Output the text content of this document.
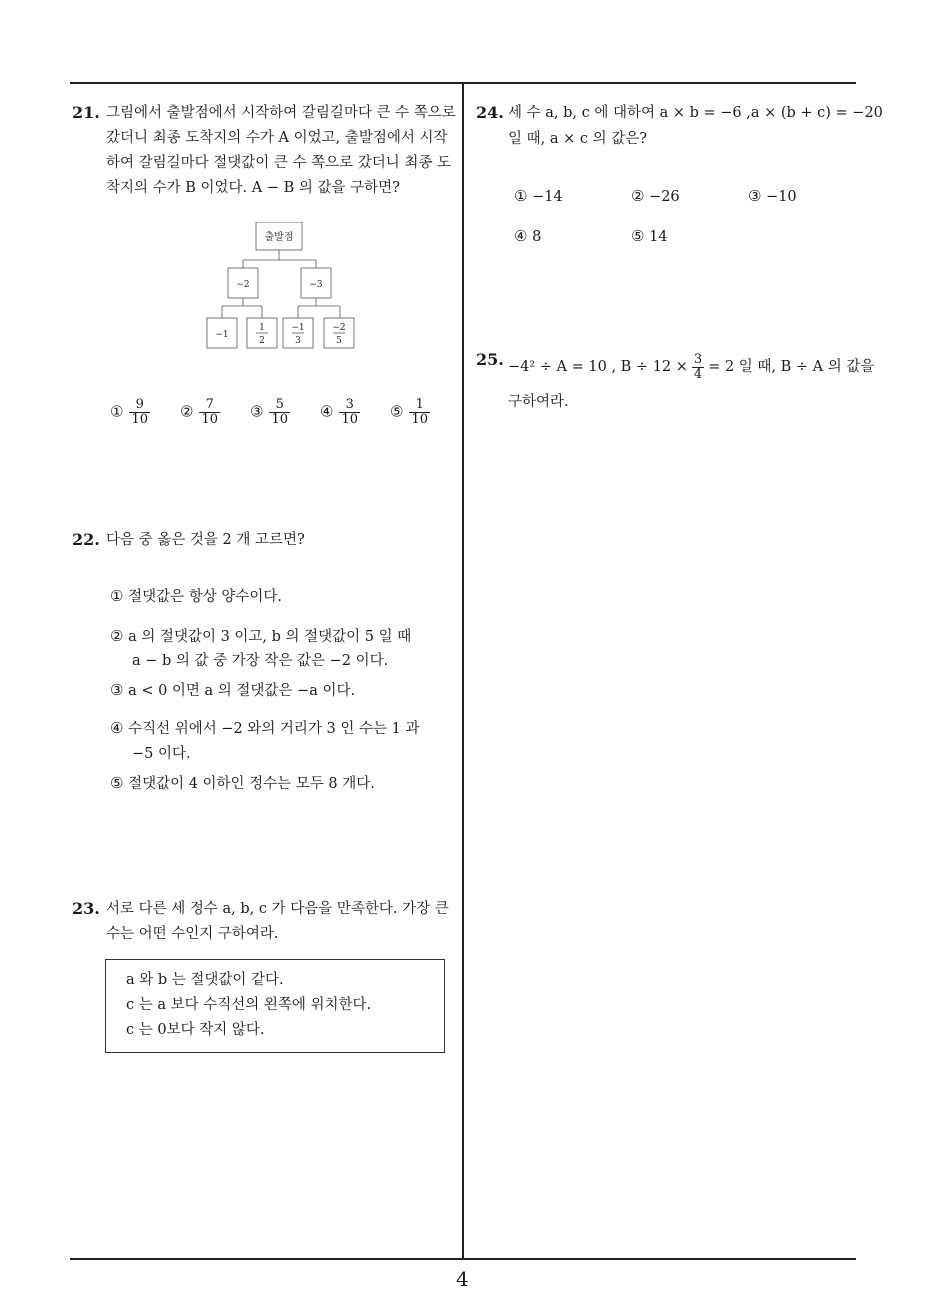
21. 그림에서 출발점에서 시작하여 갈림길마다 큰 수 쪽으로 갔더니 최종 도착지의 수가 A 이었고, 출발점에서 시작하여 갈림길마다 절댓값이 큰 수 쪽으로 갔더니 최종 도착지의 수가 B 이었다. A − B 의 값을 구하면?
출발점
−2	−3
−1
1
2
−1
3
−2
5
① $\frac{9}{10}$ ② $\frac{7}{10}$ ③ $\frac{5}{10}$ ④ $\frac{3}{10}$ ⑤ $\frac{1}{10}$
22. 다음 중 옳은 것을 2 개 고르면?
① 절댓값은 항상 양수이다.
② a 의 절댓값이 3 이고, b 의 절댓값이 5 일 때
a − b 의 값 중 가장 작은 값은 −2 이다.
③ a < 0 이면 a 의 절댓값은 −a 이다.
④ 수직선 위에서 −2 와의 거리가 3 인 수는 1 과
−5 이다.
⑤ 절댓값이 4 이하인 정수는 모두 8 개다.
23. 서로 다른 세 정수 a, b, c 가 다음을 만족한다. 가장 큰 수는 어떤 수인지 구하여라.
a 와 b 는 절댓값이 같다.
c 는 a 보다 수직선의 왼쪽에 위치한다.
c 는 0보다 작지 않다.
24. 세 수 a, b, c 에 대하여 a × b = −6 ,a × (b + c) = −20
일 때, a × c 의 값은?
① −14	② −26	③ −10
④ 8	⑤ 14
25. −4² ÷ A = 10 , $B \div 12 \times \frac{3}{4} = 2$ 일 때, B ÷ A 의 값을
구하여라.
4
